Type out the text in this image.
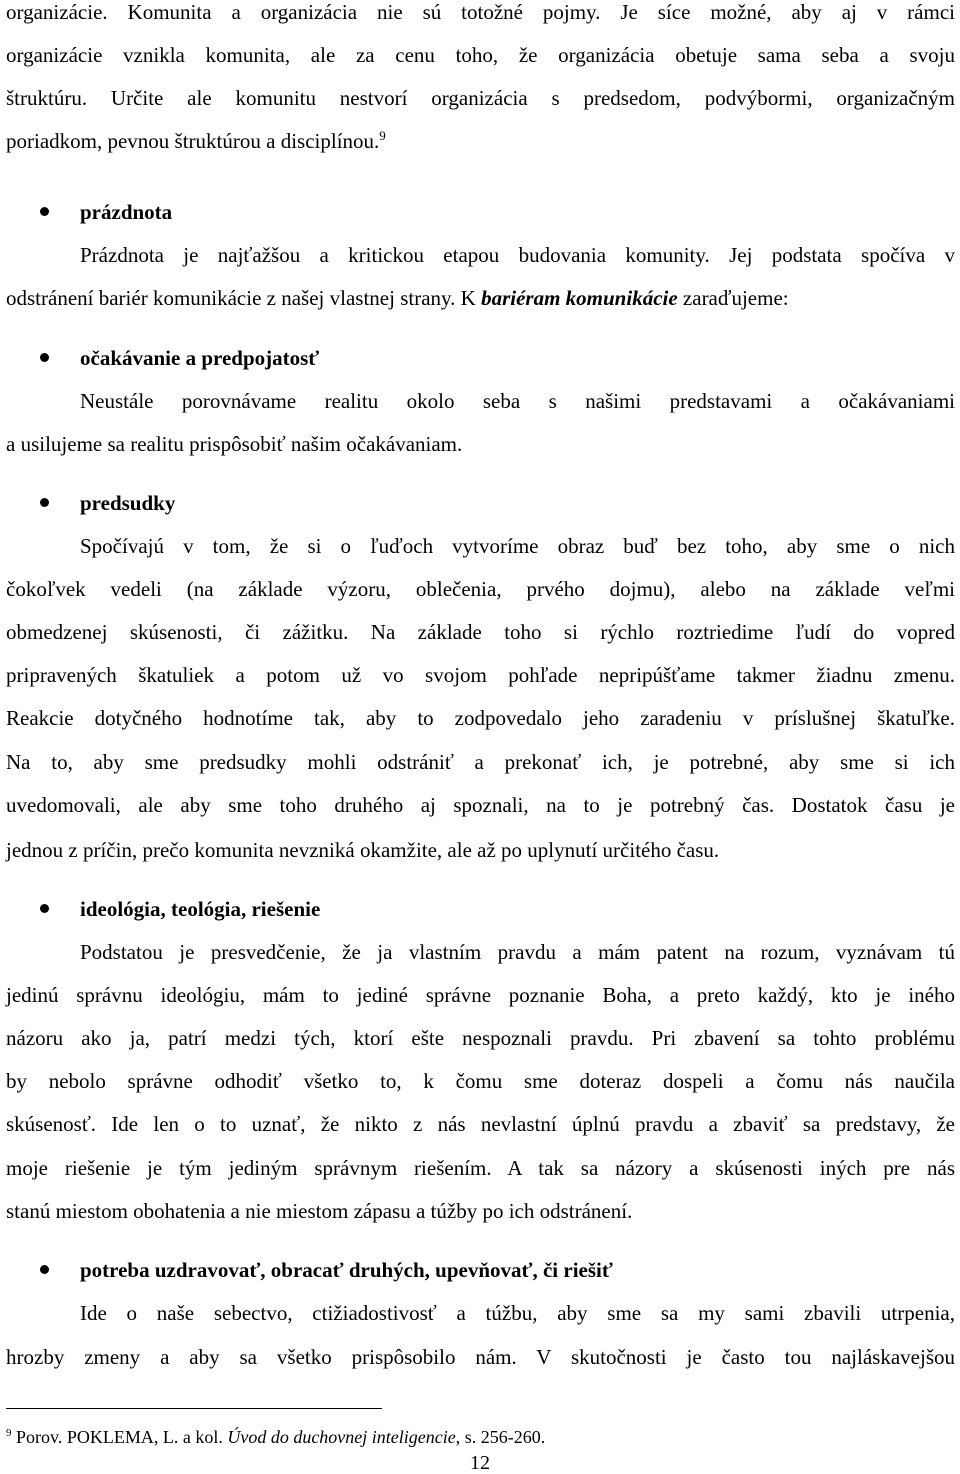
organizácie. Komunita a organizácia nie sú totožné pojmy. Je síce možné, aby aj v rámci
organizácie vznikla komunita, ale za cenu toho, že organizácia obetuje sama seba a svoju
štruktúru. Určite ale komunitu nestvorí organizácia s predsedom, podvýbormi, organizačným
poriadkom, pevnou štruktúrou a disciplínou.$^9$
prázdnota
Prázdnota je najťažšou a kritickou etapou budovania komunity. Jej podstata spočíva v
odstránení bariér komunikácie z našej vlastnej strany. K bariéram komunikácie zaraďujeme:
očakávanie a predpojatosť
Neustále porovnávame realitu okolo seba s našimi predstavami a očakávaniami
a usilujeme sa realitu prispôsobiť našim očakávaniam.
predsudky
Spočívajú v tom, že si o ľuďoch vytvoríme obraz buď bez toho, aby sme o nich
čokoľvek vedeli (na základe výzoru, oblečenia, prvého dojmu), alebo na základe veľmi
obmedzenej skúsenosti, či zážitku. Na základe toho si rýchlo roztriedime ľudí do vopred
pripravených škatuliek a potom už vo svojom pohľade nepripúšťame takmer žiadnu zmenu.
Reakcie dotyčného hodnotíme tak, aby to zodpovedalo jeho zaradeniu v príslušnej škatuľke.
Na to, aby sme predsudky mohli odstrániť a prekonať ich, je potrebné, aby sme si ich
uvedomovali, ale aby sme toho druhého aj spoznali, na to je potrebný čas. Dostatok času je
jednou z príčin, prečo komunita nevzniká okamžite, ale až po uplynutí určitého času.
ideológia, teológia, riešenie
Podstatou je presvedčenie, že ja vlastním pravdu a mám patent na rozum, vyznávam tú
jedinú správnu ideológiu, mám to jediné správne poznanie Boha, a preto každý, kto je iného
názoru ako ja, patrí medzi tých, ktorí ešte nespoznali pravdu. Pri zbavení sa tohto problému
by nebolo správne odhodiť všetko to, k čomu sme doteraz dospeli a čomu nás naučila
skúsenosť. Ide len o to uznať, že nikto z nás nevlastní úplnú pravdu a zbaviť sa predstavy, že
moje riešenie je tým jediným správnym riešením. A tak sa názory a skúsenosti iných pre nás
stanú miestom obohatenia a nie miestom zápasu a túžby po ich odstránení.
potreba uzdravovať, obracať druhých, upevňovať, či riešiť
Ide o naše sebectvo, ctižiadostivosť a túžbu, aby sme sa my sami zbavili utrpenia,
hrozby zmeny a aby sa všetko prispôsobilo nám. V skutočnosti je často tou najláskavejšou
$^9$ Porov. POKLEMA, L. a kol. Úvod do duchovnej inteligencie, s. 256-260.
12
